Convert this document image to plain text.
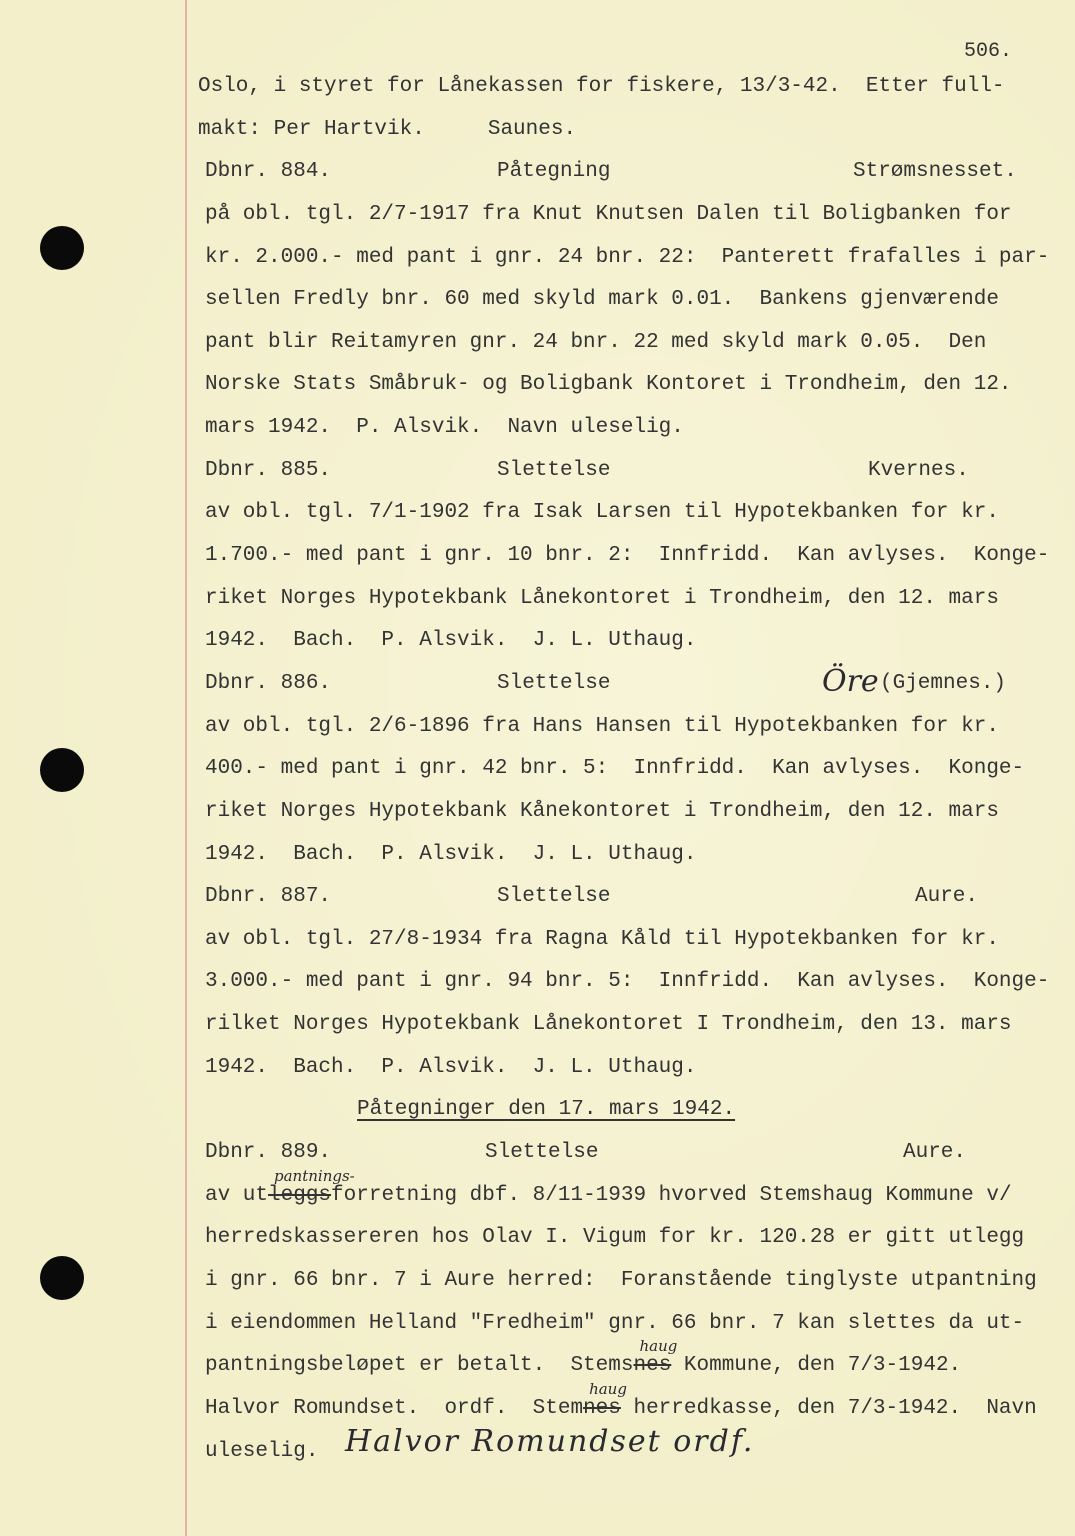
506.
Oslo, i styret for Lånekassen for fiskere, 13/3-42.  Etter full-
makt: Per Hartvik.     Saunes.
Dbnr. 884.	Påtegning	Strømsnesset.
på obl. tgl. 2/7-1917 fra Knut Knutsen Dalen til Boligbanken for
kr. 2.000.- med pant i gnr. 24 bnr. 22:  Panterett frafalles i par-
sellen Fredly bnr. 60 med skyld mark 0.01.  Bankens gjenværende
pant blir Reitamyren gnr. 24 bnr. 22 med skyld mark 0.05.  Den
Norske Stats Småbruk- og Boligbank Kontoret i Trondheim, den 12.
mars 1942.  P. Alsvik.  Navn uleselig.
Dbnr. 885.	Slettelse	Kvernes.
av obl. tgl. 7/1-1902 fra Isak Larsen til Hypotekbanken for kr.
1.700.- med pant i gnr. 10 bnr. 2:  Innfridd.  Kan avlyses.  Konge-
riket Norges Hypotekbank Lånekontoret i Trondheim, den 12. mars
1942.  Bach.  P. Alsvik.  J. L. Uthaug.
Dbnr. 886.	Slettelse	Öre (Gjemnes.)
av obl. tgl. 2/6-1896 fra Hans Hansen til Hypotekbanken for kr.
400.- med pant i gnr. 42 bnr. 5:  Innfridd.  Kan avlyses.  Konge-
riket Norges Hypotekbank Kånekontoret i Trondheim, den 12. mars
1942.  Bach.  P. Alsvik.  J. L. Uthaug.
Dbnr. 887.	Slettelse	Aure.
av obl. tgl. 27/8-1934 fra Ragna Kåld til Hypotekbanken for kr.
3.000.- med pant i gnr. 94 bnr. 5:  Innfridd.  Kan avlyses.  Konge-
rilket Norges Hypotekbank Lånekontoret I Trondheim, den 13. mars
1942.  Bach.  P. Alsvik.  J. L. Uthaug.
Påtegninger den 17. mars 1942.
Dbnr. 889.	Slettelse	Aure.
av utleggs
pantnings-
forretning dbf. 8/11-1939 hvorved Stemshaug Kommune v/
herredskassereren hos Olav I. Vigum for kr. 120.28 er gitt utlegg
i gnr. 66 bnr. 7 i Aure herred:  Foranstående tinglyste utpantning
i eiendommen Helland "Fredheim" gnr. 66 bnr. 7 kan slettes da ut-
pantningsbeløpet er betalt.  Stemsnes
haug
Kommune, den 7/3-1942.
Halvor Romundset.  ordf.  Stemnes
haug
herredkasse, den 7/3-1942.  Navn
uleselig. Halvor Romundset ordf.
